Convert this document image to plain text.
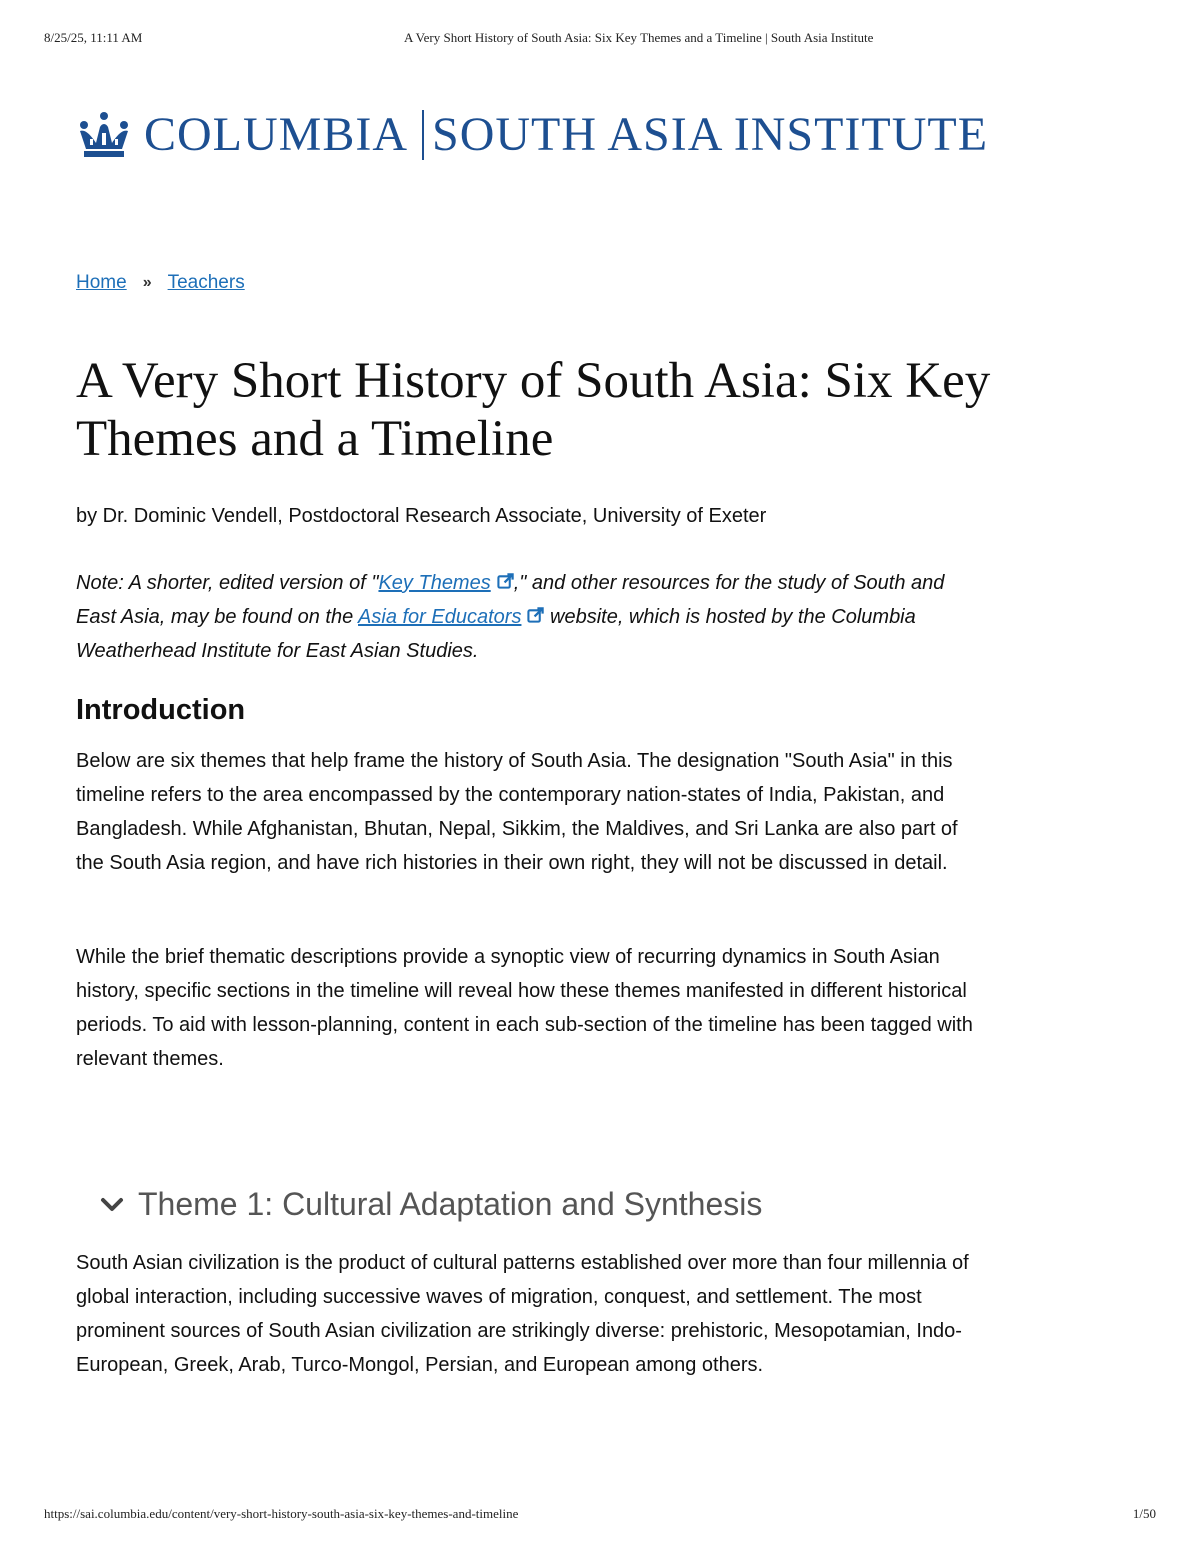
8/25/25, 11:11 AM	A Very Short History of South Asia: Six Key Themes and a Timeline | South Asia Institute
COLUMBIA SOUTH ASIA INSTITUTE
Home » Teachers
A Very Short History of South Asia: Six Key Themes and a Timeline
by Dr. Dominic Vendell, Postdoctoral Research Associate, University of Exeter

Note: A shorter, edited version of "Key Themes ," and other resources for the study of South and East Asia, may be found on the Asia for Educators website, which is hosted by the Columbia Weatherhead Institute for East Asian Studies.

Introduction

Below are six themes that help frame the history of South Asia. The designation "South Asia" in this timeline refers to the area encompassed by the contemporary nation-states of India, Pakistan, and Bangladesh. While Afghanistan, Bhutan, Nepal, Sikkim, the Maldives, and Sri Lanka are also part of the South Asia region, and have rich histories in their own right, they will not be discussed in detail.

While the brief thematic descriptions provide a synoptic view of recurring dynamics in South Asian history, specific sections in the timeline will reveal how these themes manifested in different historical periods. To aid with lesson-planning, content in each sub-section of the timeline has been tagged with relevant themes.

Theme 1: Cultural Adaptation and Synthesis

South Asian civilization is the product of cultural patterns established over more than four millennia of global interaction, including successive waves of migration, conquest, and settlement. The most prominent sources of South Asian civilization are strikingly diverse: prehistoric, Mesopotamian, Indo-European, Greek, Arab, Turco-Mongol, Persian, and European among others.

https://sai.columbia.edu/content/very-short-history-south-asia-six-key-themes-and-timeline	1/50
